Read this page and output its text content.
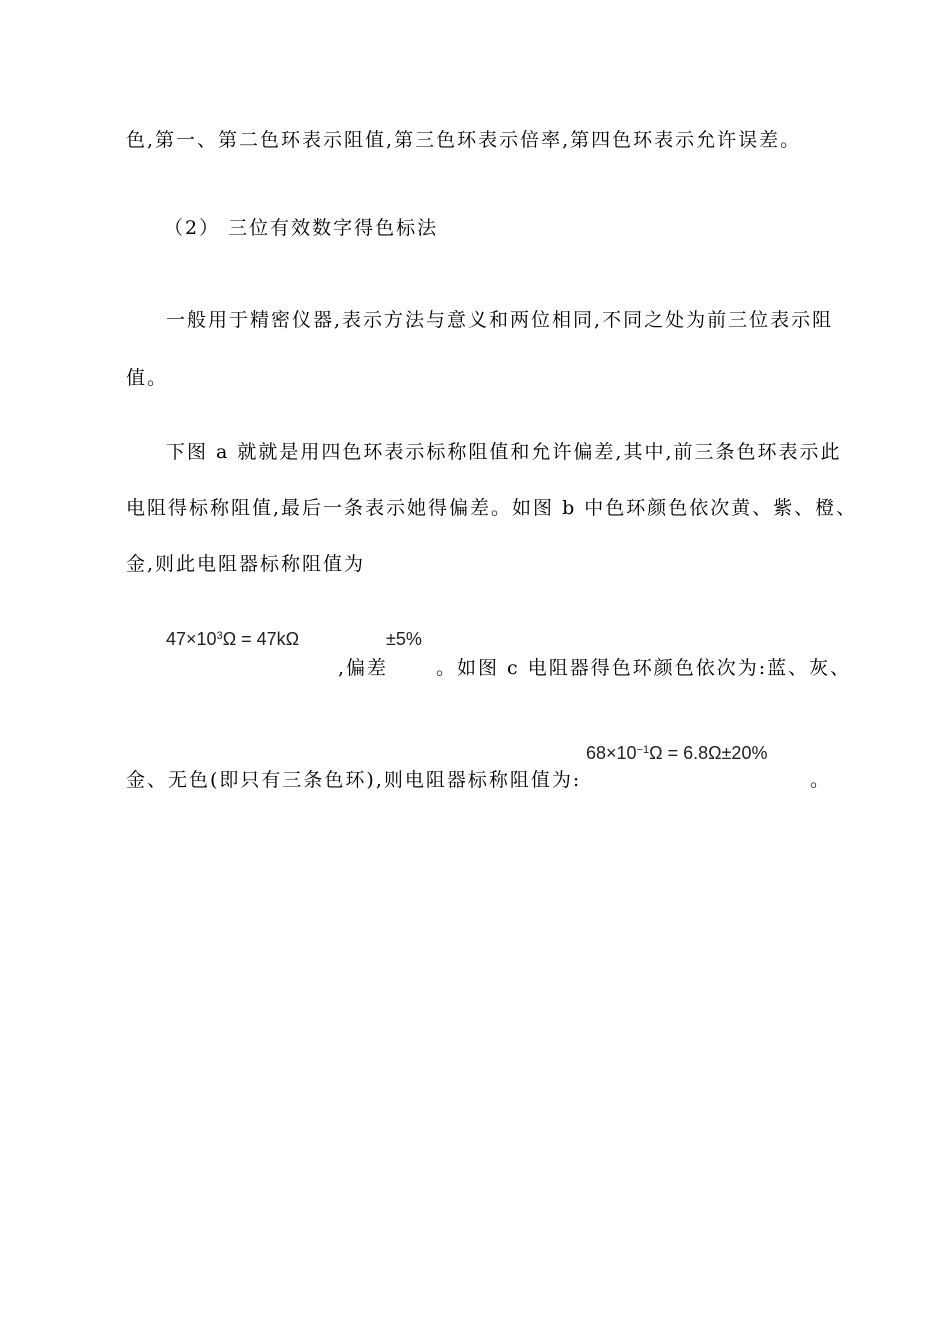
色,第一、第二色环表示阻值,第三色环表示倍率,第四色环表示允许误差。
（2） 三位有效数字得色标法
一般用于精密仪器,表示方法与意义和两位相同,不同之处为前三位表示阻
值。
下图 a 就就是用四色环表示标称阻值和允许偏差,其中,前三条色环表示此
电阻得标称阻值,最后一条表示她得偏差。如图 b 中色环颜色依次黄、紫、橙、
金,则此电阻器标称阻值为
$47\times 10^3\Omega = 47k\Omega$	±5%
,偏差	。如图 c 电阻器得色环颜色依次为:蓝、灰、
$68\times 10^{-1}\Omega = 6.8\Omega\pm 20\%$
金、无色(即只有三条色环),则电阻器标称阻值为:	。
